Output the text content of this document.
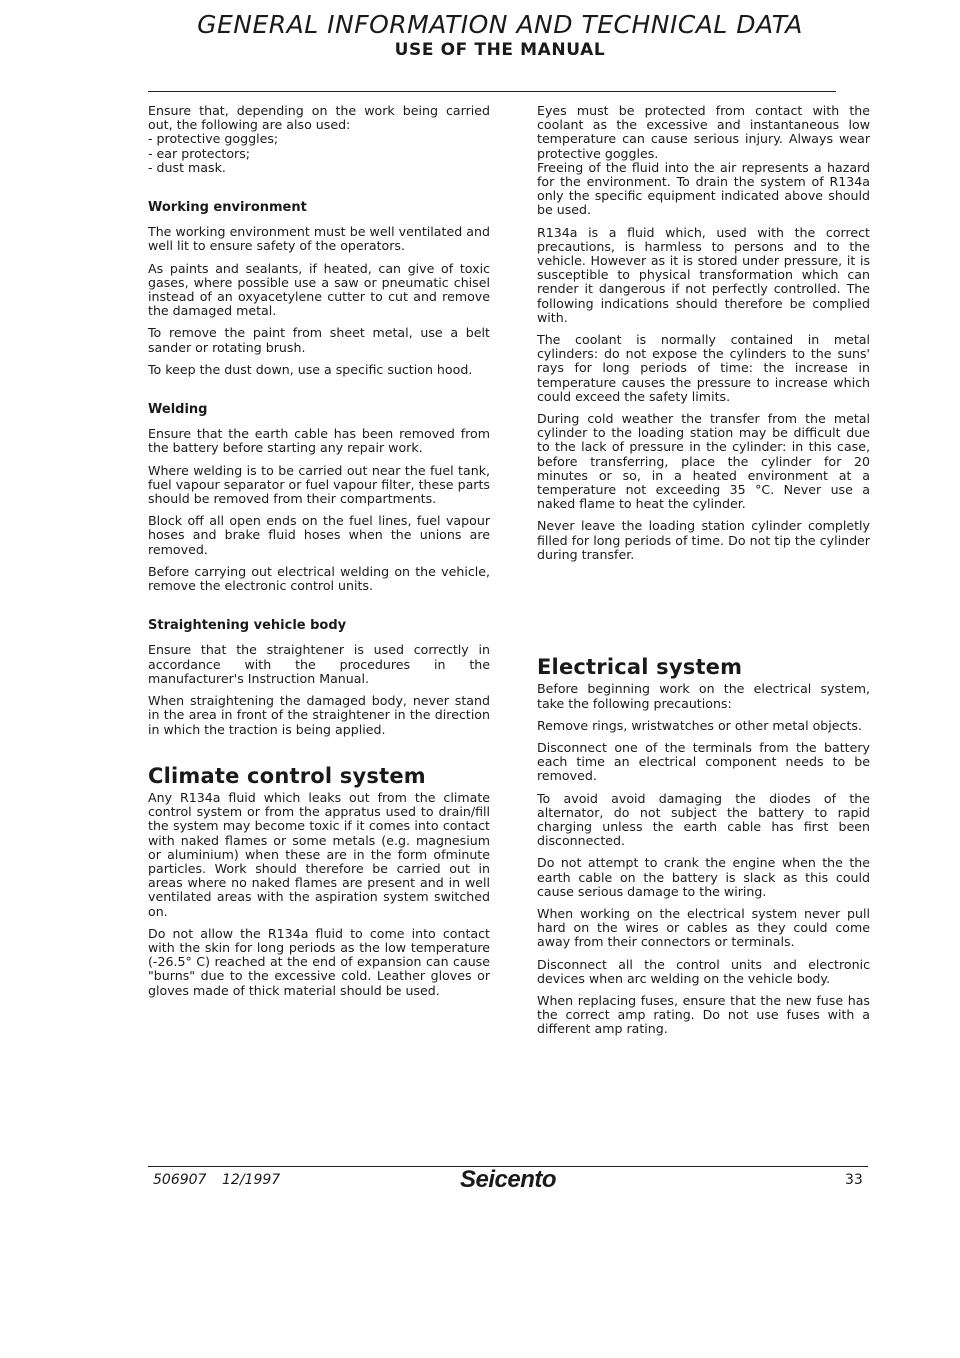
GENERAL INFORMATION AND TECHNICAL DATA
USE OF THE MANUAL

Ensure that, depending on the work being carried out, the following are also used:

- protective goggles;

- ear protectors;

- dust mask.

Working environment

The working environment must be well ventilated and well lit to ensure safety of the operators.

As paints and sealants, if heated, can give of toxic gases, where possible use a saw or pneumatic chisel instead of an oxyacetylene cutter to cut and remove the damaged metal.

To remove the paint from sheet metal, use a belt sander or rotating brush.

To keep the dust down, use a specific suction hood.

Welding

Ensure that the earth cable has been removed from the battery before starting any repair work.

Where welding is to be carried out near the fuel tank, fuel vapour separator or fuel vapour filter, these parts should be removed from their compartments.

Block off all open ends on the fuel lines, fuel vapour hoses and brake fluid hoses when the unions are removed.

Before carrying out electrical welding on the vehicle, remove the electronic control units.

Straightening vehicle body

Ensure that the straightener is used correctly in accordance with the procedures in the manufacturer's Instruction Manual.

When straightening the damaged body, never stand in the area in front of the straightener in the direction in which the traction is being applied.

Climate control system

Any R134a fluid which leaks out from the climate control system or from the appratus used to drain/fill the system may become toxic if it comes into contact with naked flames or some metals (e.g. magnesium or aluminium) when these are in the form ofminute particles. Work should therefore be carried out in areas where no naked flames are present and in well ventilated areas with the aspiration system switched on.

Do not allow the R134a fluid to come into contact with the skin for long periods as the low temperature (-26.5° C) reached at the end of expansion can cause "burns" due to the excessive cold. Leather gloves or gloves made of thick material should be used.

Eyes must be protected from contact with the coolant as the excessive and instantaneous low temperature can cause serious injury. Always wear protective goggles.

Freeing of the fluid into the air represents a hazard for the environment. To drain the system of R134a only the specific equipment indicated above should be used.

R134a is a fluid which, used with the correct precautions, is harmless to persons and to the vehicle. However as it is stored under pressure, it is susceptible to physical transformation which can render it dangerous if not perfectly controlled. The following indications should therefore be complied with.

The coolant is normally contained in metal cylinders: do not expose the cylinders to the suns' rays for long periods of time: the increase in temperature causes the pressure to increase which could exceed the safety limits.

During cold weather the transfer from the metal cylinder to the loading station may be difficult due to the lack of pressure in the cylinder: in this case, before transferring, place the cylinder for 20 minutes or so, in a heated environment at a temperature not exceeding 35 °C. Never use a naked flame to heat the cylinder.

Never leave the loading station cylinder completly filled for long periods of time. Do not tip the cylinder during transfer.

Electrical system

Before beginning work on the electrical system, take the following precautions:

Remove rings, wristwatches or other metal objects.

Disconnect one of the terminals from the battery each time an electrical component needs to be removed.

To avoid avoid damaging the diodes of the alternator, do not subject the battery to rapid charging unless the earth cable has first been disconnected.

Do not attempt to crank the engine when the the earth cable on the battery is slack as this could cause serious damage to the wiring.

When working on the electrical system never pull hard on the wires or cables as they could come away from their connectors or terminals.

Disconnect all the control units and electronic devices when arc welding on the vehicle body.

When replacing fuses, ensure that the new fuse has the correct amp rating. Do not use fuses with a different amp rating.

506907 12/1997	Seicento	33
